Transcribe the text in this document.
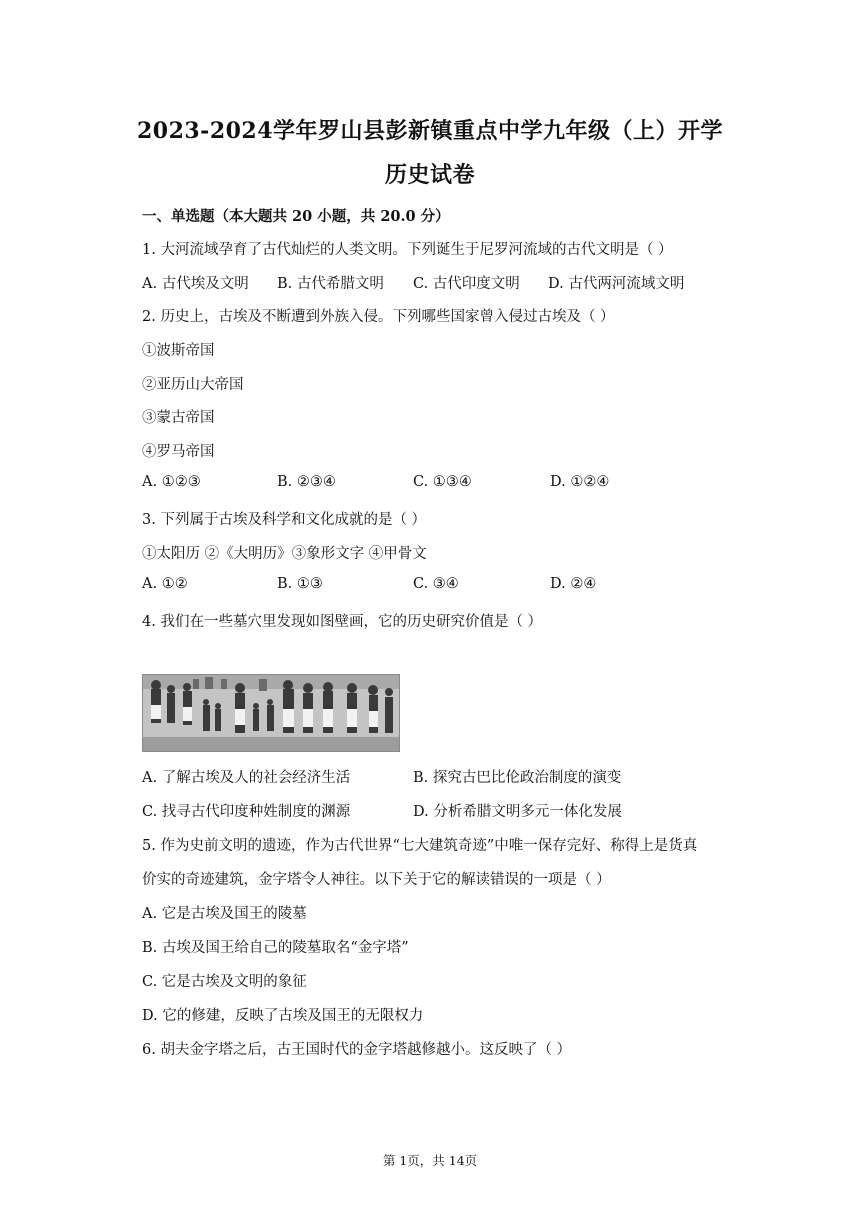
2023-2024学年罗山县彭新镇重点中学九年级（上）开学
历史试卷
一、单选题（本大题共 20 小题，共 20.0 分）
1. 大河流域孕育了古代灿烂的人类文明。下列诞生于尼罗河流域的古代文明是（ ）
A. 古代埃及文明 B. 古代希腊文明 C. 古代印度文明 D. 古代两河流域文明
2. 历史上，古埃及不断遭到外族入侵。下列哪些国家曾入侵过古埃及（ ）
①波斯帝国
②亚历山大帝国
③蒙古帝国
④罗马帝国
A. ①②③	B. ②③④	C. ①③④	D. ①②④
3. 下列属于古埃及科学和文化成就的是（ ）
①太阳历 ②《大明历》③象形文字 ④甲骨文
A. ①②	B. ①③	C. ③④	D. ②④
4. 我们在一些墓穴里发现如图壁画，它的历史研究价值是（ ）
A. 了解古埃及人的社会经济生活	B. 探究古巴比伦政治制度的演变
C. 找寻古代印度种姓制度的渊源	D. 分析希腊文明多元一体化发展
5. 作为史前文明的遗迹，作为古代世界“七大建筑奇迹”中唯一保存完好、称得上是货真
价实的奇迹建筑，金字塔令人神往。以下关于它的解读错误的一项是（ ）
A. 它是古埃及国王的陵墓
B. 古埃及国王给自己的陵墓取名“金字塔”
C. 它是古埃及文明的象征
D. 它的修建，反映了古埃及国王的无限权力
6. 胡夫金字塔之后，古王国时代的金字塔越修越小。这反映了（ ）
第 1页，共 14页
